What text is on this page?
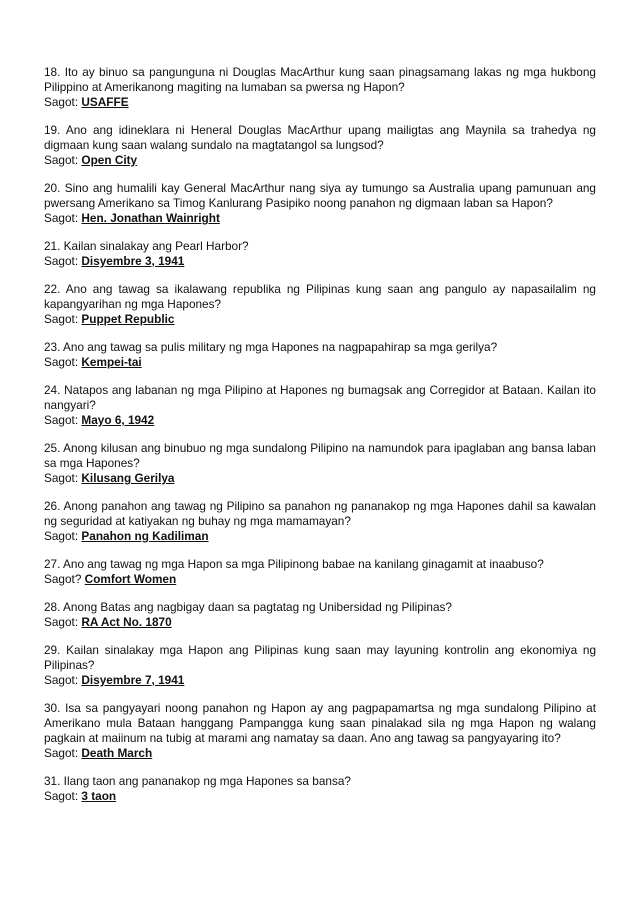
18. Ito ay binuo sa pangunguna ni Douglas MacArthur kung saan pinagsamang lakas ng mga hukbong Pilippino at Amerikanong magiting na lumaban sa pwersa ng Hapon?
Sagot: USAFFE
19. Ano ang idineklara ni Heneral Douglas MacArthur upang mailigtas ang Maynila sa trahedya ng digmaan kung saan walang sundalo na magtatangol sa lungsod?
Sagot: Open City
20. Sino ang humalili kay General MacArthur nang siya ay tumungo sa Australia upang pamunuan ang pwersang Amerikano sa Timog Kanlurang Pasipiko noong panahon ng digmaan laban sa Hapon?
Sagot: Hen. Jonathan Wainright
21. Kailan sinalakay ang Pearl Harbor?
Sagot: Disyembre 3, 1941
22. Ano ang tawag sa ikalawang republika ng Pilipinas kung saan ang pangulo ay napasailalim ng kapangyarihan ng mga Hapones?
Sagot: Puppet Republic
23. Ano ang tawag sa pulis military ng mga Hapones na nagpapahirap sa mga gerilya?
Sagot: Kempei-tai
24. Natapos ang labanan ng mga Pilipino at Hapones ng bumagsak ang Corregidor at Bataan. Kailan ito nangyari?
Sagot: Mayo 6, 1942
25. Anong kilusan ang binubuo ng mga sundalong Pilipino na namundok para ipaglaban ang bansa laban sa mga Hapones?
Sagot: Kilusang Gerilya
26. Anong panahon ang tawag ng Pilipino sa panahon ng pananakop ng mga Hapones dahil sa kawalan ng seguridad at katiyakan ng buhay ng mga mamamayan?
Sagot: Panahon ng Kadiliman
27. Ano ang tawag ng mga Hapon sa mga Pilipinong babae na kanilang ginagamit at inaabuso?
Sagot? Comfort Women
28. Anong Batas ang nagbigay daan sa pagtatag ng Unibersidad ng Pilipinas?
Sagot: RA Act No. 1870
29. Kailan sinalakay mga Hapon ang Pilipinas kung saan may layuning kontrolin ang ekonomiya ng Pilipinas?
Sagot: Disyembre 7, 1941
30. Isa sa pangyayari noong panahon ng Hapon ay ang pagpapamartsa ng mga sundalong Pilipino at Amerikano mula Bataan hanggang Pampangga kung saan pinalakad sila ng mga Hapon ng walang pagkain at maiinum na tubig at marami ang namatay sa daan. Ano ang tawag sa pangyayaring ito?
Sagot: Death March
31. Ilang taon ang pananakop ng mga Hapones sa bansa?
Sagot: 3 taon
